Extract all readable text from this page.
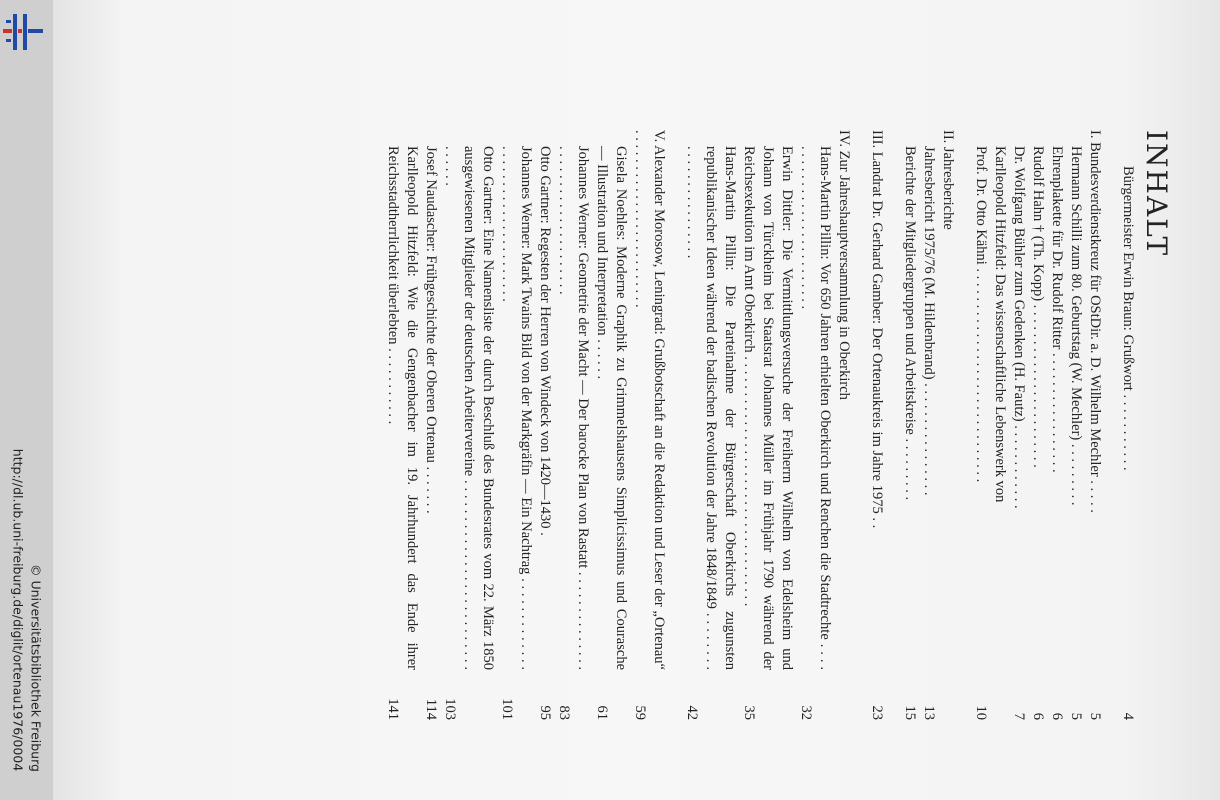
http://dl.ub.uni-freiburg.de/diglit/ortenau1976/0004 © Universitätsbibliothek Freiburg
INHALT
Bürgermeister Erwin Braun: Grußwort . . . . . . . . . . .
4
I. Bundesverdienstkreuz für OStDir. a. D. Wilhelm Mechler . . . . .
5
Hermann Schilli zum 80. Geburtstag (W. Mechler) . . . . . . . . .
5
Ehrenplakette für Dr. Rudolf Ritter . . . . . . . . . . . . . . . . .
6
Rudolf Hahn † (Th. Kopp) . . . . . . . . . . . . . . . . . . . . . . .
6
Dr. Wolfgang Bühler zum Gedenken (H. Fautz) . . . . . . . . . . . .
7
Karlleopold Hitzfeld: Das wissenschaftliche Lebenswerk von
Prof. Dr. Otto Kähni . . . . . . . . . . . . . . . . . . . . . . . . . . . . . .
10
II. Jahresberichte
Jahresbericht 1975/76 (M. Hildenbrand) . . . . . . . . . . . . . . . .
13
Berichte der Mitgliedergruppen und Arbeitskreise . . . . . . . . .
15
III. Landrat Dr. Gerhard Gamber: Der Ortenaukreis im Jahre 1975 . .
23
IV. Zur Jahreshauptversammlung in Oberkirch
Hans-Martin Pillin: Vor 650 Jahren erhielten Oberkirch und Renchen die Stadtrechte . . . . . . . . . . . . . . . . . . . . . . . . . . .
32
Erwin Dittler: Die Vermittlungsversuche der Freiherrn Wilhelm von Edelsheim und Johann von Türckheim bei Staatsrat Johannes Müller im Frühjahr 1790 während der Reichsexekution im Amt Oberkirch . . . . . . . . . . . . . . . . . . . . . . . . . . . . . . . . . . .
35
Hans-Martin Pillin: Die Parteinahme der Bürgerschaft Oberkirchs zugunsten republikanischer Ideen während der badischen Revolution der Jahre 1848/1849 . . . . . . . . . . . . . . . . . . . . . . . .
42
V. Alexander Morosow, Leningrad: Grußbotschaft an die Redaktion und Leser der „Ortenau“ . . . . . . . . . . . . . . . . . . . . . . . . .
59
Gisela Noehles: Moderne Graphik zu Grimmelshausens Simplicissimus und Courasche — Illustration und Interpretation . . . . . .
61
Johannes Werner: Geometrie der Macht — Der barocke Plan von Rastatt . . . . . . . . . . . . . . . . . . . . . . . . . . . . . . . . . . .
83
Otto Gartner: Regesten der Herren von Windeck von 1420—1430 .
95
Johannes Werner: Mark Twains Bild von der Markgräfin — Ein Nachtrag . . . . . . . . . . . . . . . . . . . . . . . . . . . . . . . . . . .
101
Otto Gartner: Eine Namensliste der durch Beschluß des Bundesrates vom 22. März 1850 ausgewiesenen Mitglieder der deutschen Arbeitervereine . . . . . . . . . . . . . . . . . . . . . . . . . . . . . . . .
103
Josef Naudascher: Frühgeschichte der Oberen Ortenau . . . . . . .
114
Karlleopold Hitzfeld: Wie die Gengenbacher im 19. Jahrhundert das Ende ihrer Reichsstadtherrlichkeit überlebten . . . . . . . . . . .
141
